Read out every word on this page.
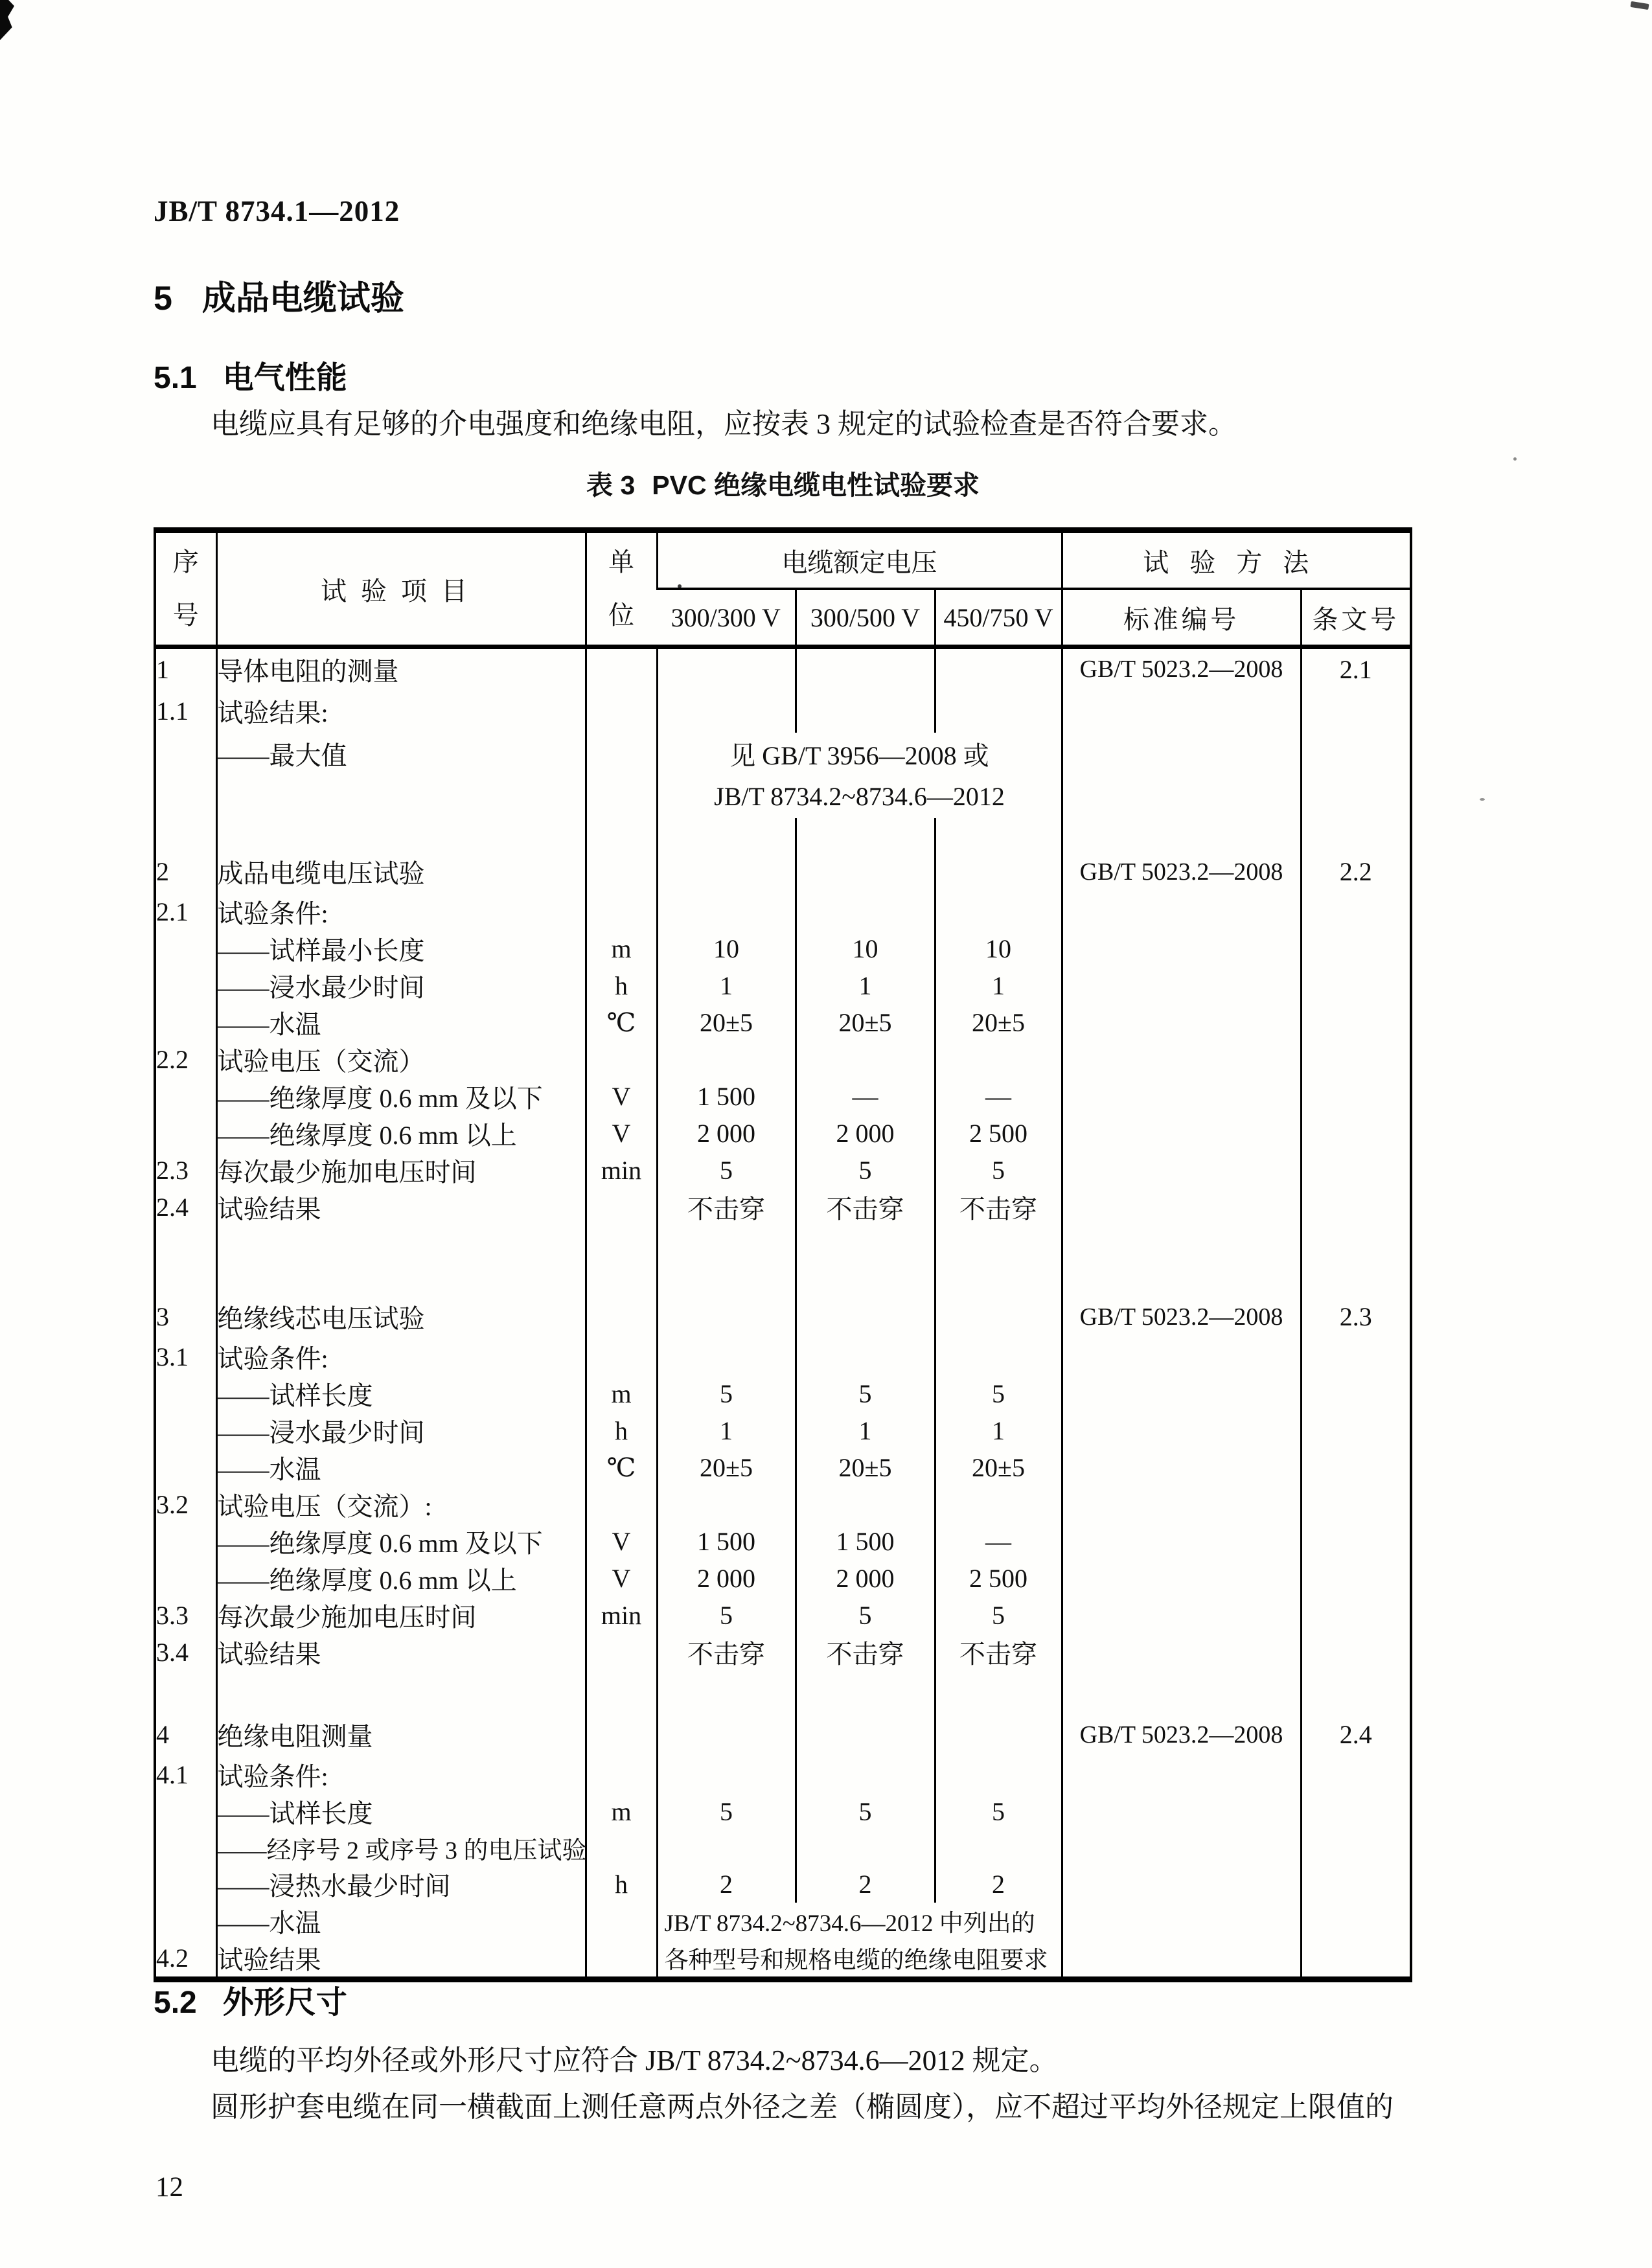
JB/T 8734.1—2012
5 成品电缆试验
5.1 电气性能

电缆应具有足够的介电强度和绝缘电阻，应按表 3 规定的试验检查是否符合要求。

表 3 PVC 绝缘电缆电性试验要求
序号	试验项目	单位	电缆额定电压			试验方法	
			300/300 V	300/500 V	450/750 V	标准编号	条文号
1	导体电阻的测量					GB/T 5023.2—2008	2.1
1.1	试验结果:						
	——最大值		见 GB/T 3956—2008 或				
			JB/T 8734.2~8734.6—2012				

2	成品电缆电压试验					GB/T 5023.2—2008	2.2
2.1	试验条件:						
	——试样最小长度	m	10	10	10		
	——浸水最少时间	h	1	1	1		
	——水温	℃	20±5	20±5	20±5		
2.2	试验电压（交流）						
	——绝缘厚度 0.6 mm 及以下	V	1 500	—	—		
	——绝缘厚度 0.6 mm 以上	V	2 000	2 000	2 500		
2.3	每次最少施加电压时间	min	5	5	5		
2.4	试验结果		不击穿	不击穿	不击穿		

3	绝缘线芯电压试验					GB/T 5023.2—2008	2.3
3.1	试验条件:						
	——试样长度	m	5	5	5		
	——浸水最少时间	h	1	1	1		
	——水温	℃	20±5	20±5	20±5		
3.2	试验电压（交流）:						
	——绝缘厚度 0.6 mm 及以下	V	1 500	1 500	—		
	——绝缘厚度 0.6 mm 以上	V	2 000	2 000	2 500		
3.3	每次最少施加电压时间	min	5	5	5		
3.4	试验结果		不击穿	不击穿	不击穿		

4	绝缘电阻测量					GB/T 5023.2—2008	2.4
4.1	试验条件:						
	——试样长度	m	5	5	5		
	——经序号 2 或序号 3 的电压试验						
	——浸热水最少时间	h	2	2	2		
	——水温		JB/T 8734.2~8734.6—2012 中列出的				
4.2	试验结果		各种型号和规格电缆的绝缘电阻要求				
5.2 外形尺寸

电缆的平均外径或外形尺寸应符合 JB/T 8734.2~8734.6—2012 规定。

圆形护套电缆在同一横截面上测任意两点外径之差（椭圆度），应不超过平均外径规定上限值的

12
